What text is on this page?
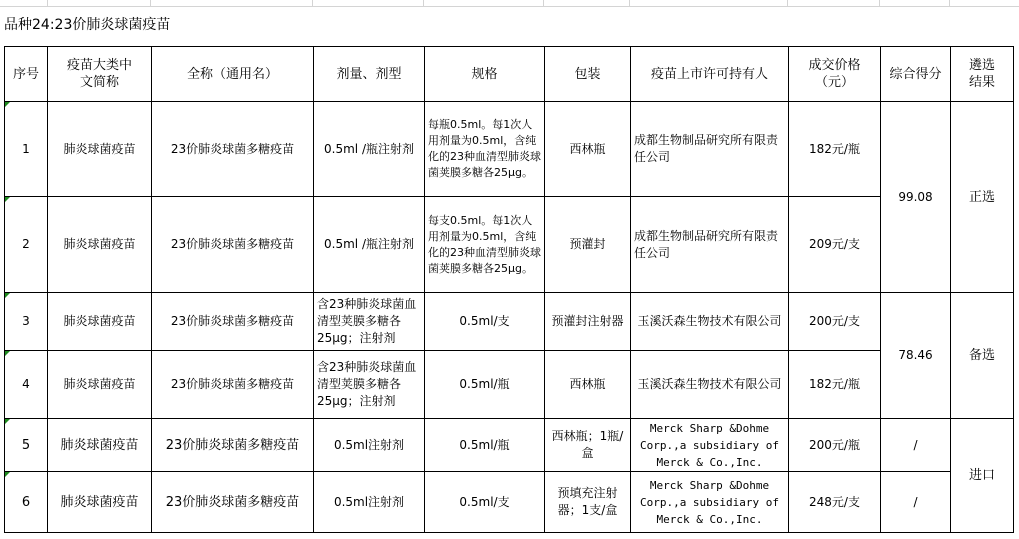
品种24:23价肺炎球菌疫苗
序号	疫苗大类中文简称	全称（通用名）	剂量、剂型	规格	包装	疫苗上市许可持有人	成交价格（元）	综合得分	遴选结果

1	肺炎球菌疫苗	23价肺炎球菌多糖疫苗	0.5ml /瓶注射剂	每瓶0.5ml。每1次人用剂量为0.5ml，含纯化的23种血清型肺炎球菌荚膜多糖各25μg。	西林瓶	成都生物制品研究所有限责任公司	182元/瓶	99.08	正选
2	肺炎球菌疫苗	23价肺炎球菌多糖疫苗	0.5ml /瓶注射剂	每支0.5ml。每1次人用剂量为0.5ml，含纯化的23种血清型肺炎球菌荚膜多糖各25μg。	预灌封	成都生物制品研究所有限责任公司	209元/支		
3	肺炎球菌疫苗	23价肺炎球菌多糖疫苗	含23种肺炎球菌血清型荚膜多糖各25μg；注射剂	0.5ml/支	预灌封注射器	玉溪沃森生物技术有限公司	200元/支	78.46	备选
4	肺炎球菌疫苗	23价肺炎球菌多糖疫苗	含23种肺炎球菌血清型荚膜多糖各25μg；注射剂	0.5ml/瓶	西林瓶	玉溪沃森生物技术有限公司	182元/瓶		
5	肺炎球菌疫苗	23价肺炎球菌多糖疫苗	0.5ml注射剂	0.5ml/瓶	西林瓶；1瓶/盒	Merck Sharp &Dohme Corp.,a subsidiary of Merck & Co.,Inc.	200元/瓶	/	进口
6	肺炎球菌疫苗	23价肺炎球菌多糖疫苗	0.5ml注射剂	0.5ml/支	预填充注射器；1支/盒	Merck Sharp &Dohme Corp.,a subsidiary of Merck & Co.,Inc.	248元/支	/	
